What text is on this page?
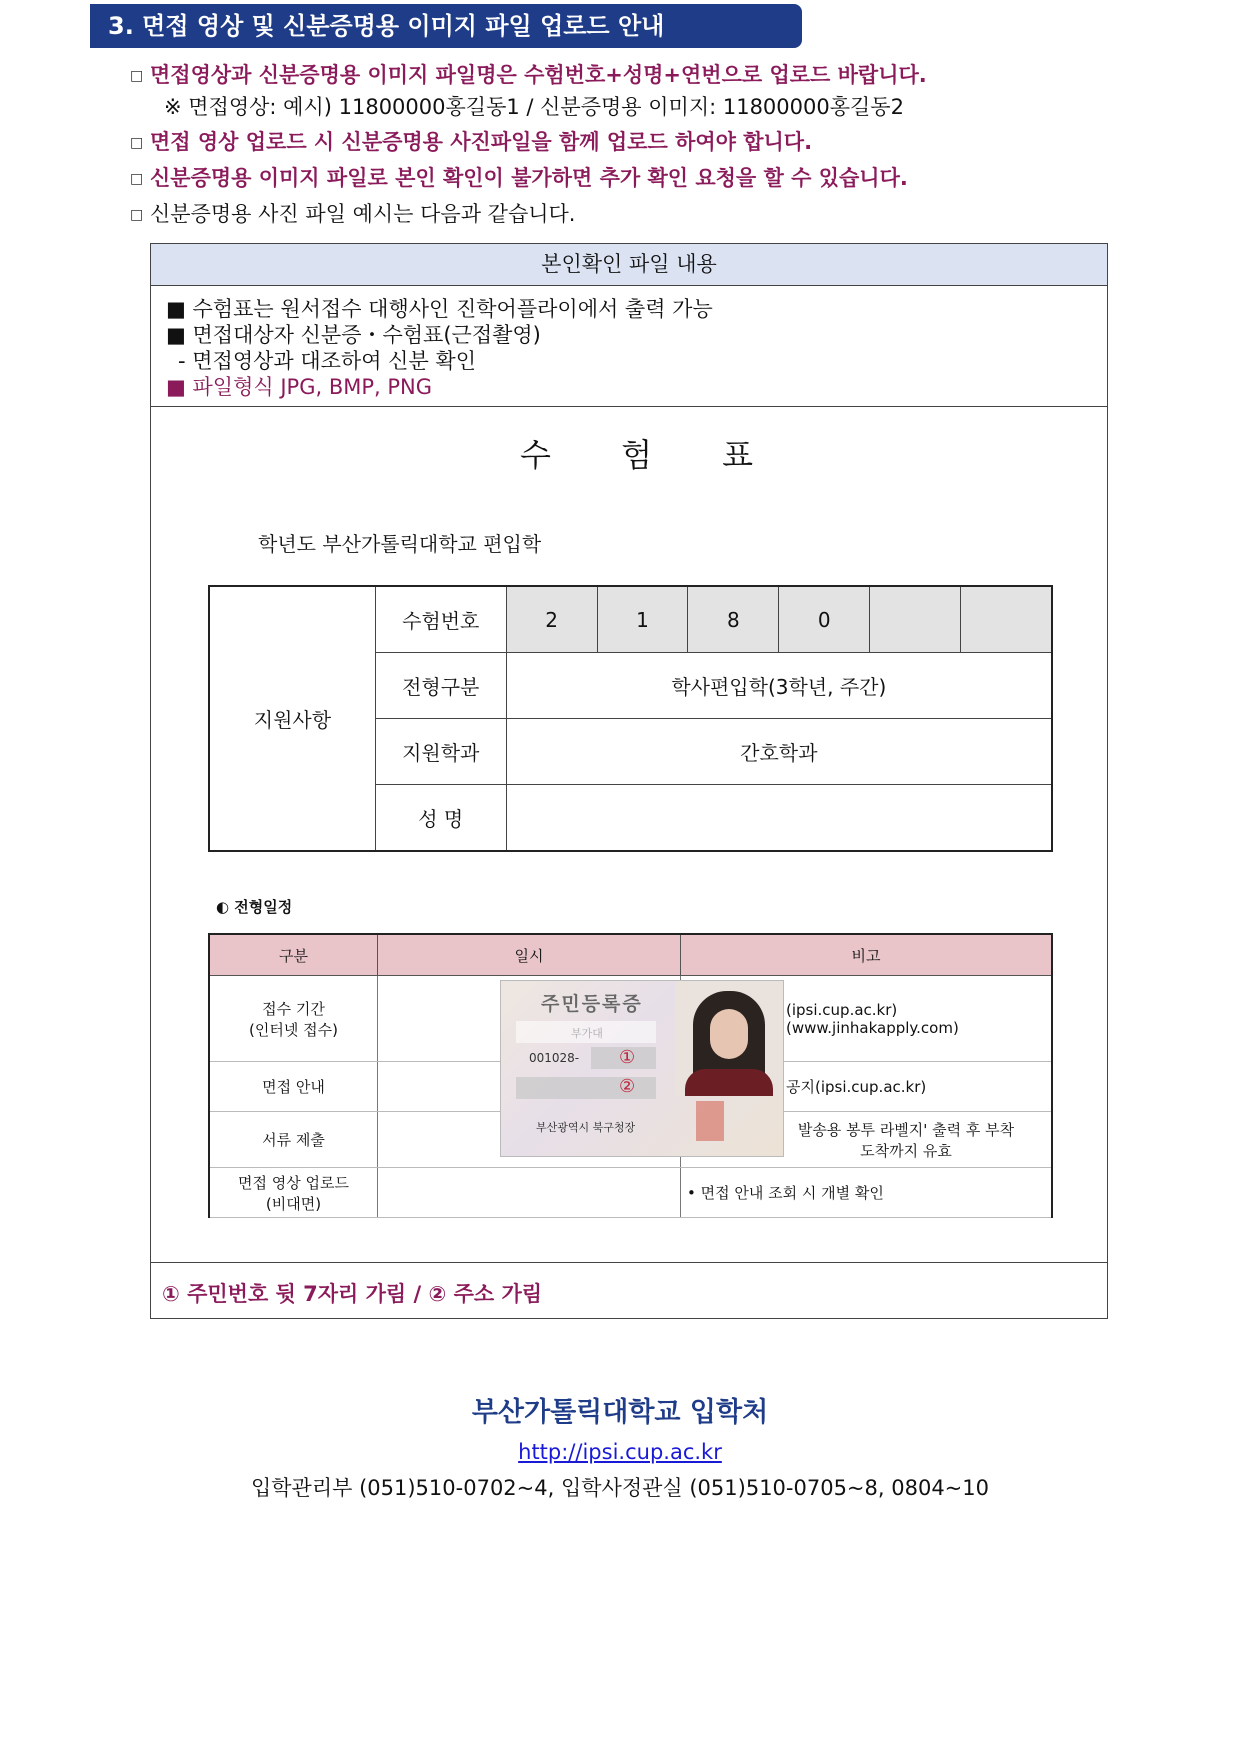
3. 면접 영상 및 신분증명용 이미지 파일 업로드 안내
□ 면접영상과 신분증명용 이미지 파일명은 수험번호+성명+연번으로 업로드 바랍니다.
※ 면접영상: 예시) 11800000홍길동1 / 신분증명용 이미지: 11800000홍길동2
□ 면접 영상 업로드 시 신분증명용 사진파일을 함께 업로드 하여야 합니다.
□ 신분증명용 이미지 파일로 본인 확인이 불가하면 추가 확인 요청을 할 수 있습니다.
□ 신분증명용 사진 파일 예시는 다음과 같습니다.
본인확인 파일 내용
■ 수험표는 원서접수 대행사인 진학어플라이에서 출력 가능
■ 면접대상자 신분증・수험표(근접촬영)
- 면접영상과 대조하여 신분 확인
■ 파일형식 JPG, BMP, PNG
수 험 표
학년도 부산가톨릭대학교 편입학
지원사항	수험번호	2	1	8	0		
	전형구분	학사편입학(3학년, 주간)					
	지원학과	간호학과					
	성 명						
◐ 전형일정
구분	일시	비고
접수 기간
(인터넷 접수)		(ipsi.cup.ac.kr)
(www.jinhakapply.com)
면접 안내		공지(ipsi.cup.ac.kr)
서류 제출		발송용 봉투 라벨지' 출력 후 부착
도착까지 유효
면접 영상 업로드
(비대면)		• 면접 안내 조회 시 개별 확인
주민등록증
001028- ①
②
부산광역시 북구청장
① 주민번호 뒷 7자리 가림 / ② 주소 가림
부산가톨릭대학교 입학처
http://ipsi.cup.ac.kr
입학관리부 (051)510-0702~4, 입학사정관실 (051)510-0705~8, 0804~10
